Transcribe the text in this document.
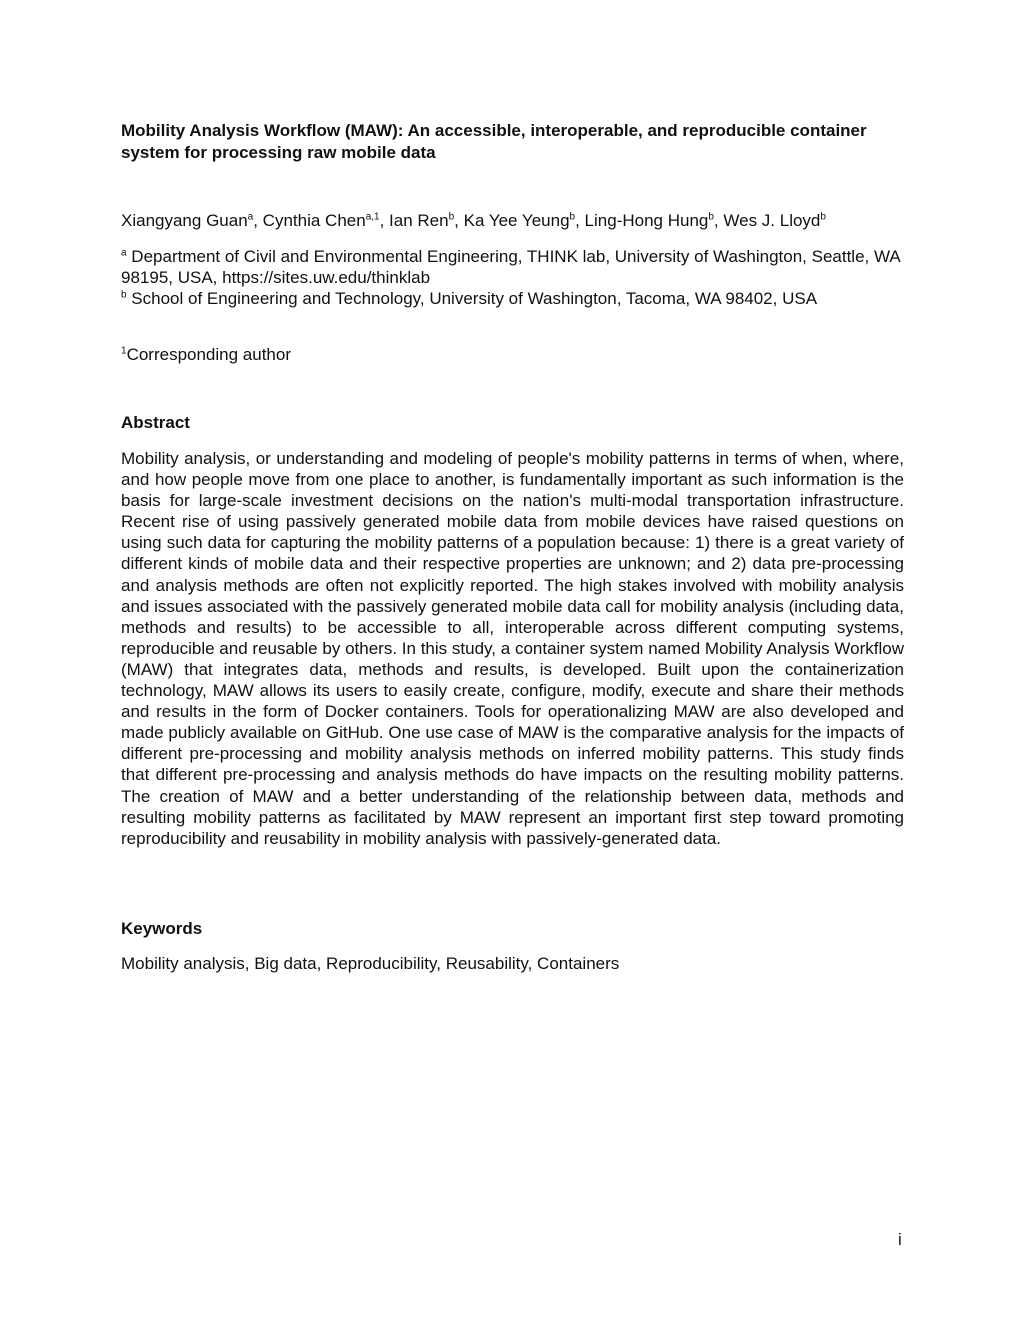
Mobility Analysis Workflow (MAW): An accessible, interoperable, and reproducible container system for processing raw mobile data
Xiangyang Guan$^a$, Cynthia Chen$^{a,1}$, Ian Ren$^b$, Ka Yee Yeung$^b$, Ling-Hong Hung$^b$, Wes J. Lloyd$^b$
$^a$ Department of Civil and Environmental Engineering, THINK lab, University of Washington, Seattle, WA 98195, USA, https://sites.uw.edu/thinklab
$^b$ School of Engineering and Technology, University of Washington, Tacoma, WA 98402, USA
$^1$Corresponding author
Abstract

Mobility analysis, or understanding and modeling of people's mobility patterns in terms of when, where, and how people move from one place to another, is fundamentally important as such information is the basis for large-scale investment decisions on the nation's multi-modal transportation infrastructure. Recent rise of using passively generated mobile data from mobile devices have raised questions on using such data for capturing the mobility patterns of a population because: 1) there is a great variety of different kinds of mobile data and their respective properties are unknown; and 2) data pre-processing and analysis methods are often not explicitly reported. The high stakes involved with mobility analysis and issues associated with the passively generated mobile data call for mobility analysis (including data, methods and results) to be accessible to all, interoperable across different computing systems, reproducible and reusable by others. In this study, a container system named Mobility Analysis Workflow (MAW) that integrates data, methods and results, is developed. Built upon the containerization technology, MAW allows its users to easily create, configure, modify, execute and share their methods and results in the form of Docker containers. Tools for operationalizing MAW are also developed and made publicly available on GitHub. One use case of MAW is the comparative analysis for the impacts of different pre-processing and mobility analysis methods on inferred mobility patterns. This study finds that different pre-processing and analysis methods do have impacts on the resulting mobility patterns. The creation of MAW and a better understanding of the relationship between data, methods and resulting mobility patterns as facilitated by MAW represent an important first step toward promoting reproducibility and reusability in mobility analysis with passively-generated data.

Keywords
Mobility analysis, Big data, Reproducibility, Reusability, Containers
i
